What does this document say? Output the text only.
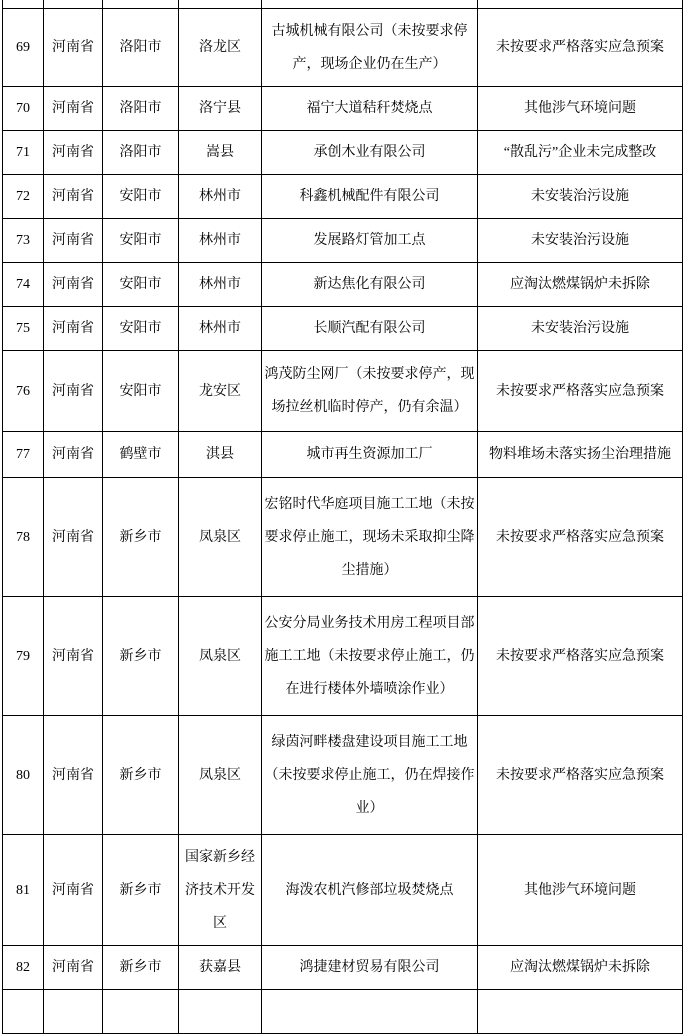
69	河南省	洛阳市	洛龙区	古城机械有限公司（未按要求停产，现场企业仍在生产）	未按要求严格落实应急预案
70	河南省	洛阳市	洛宁县	福宁大道秸秆焚烧点	其他涉气环境问题
71	河南省	洛阳市	嵩县	承创木业有限公司	“散乱污”企业未完成整改
72	河南省	安阳市	林州市	科鑫机械配件有限公司	未安装治污设施
73	河南省	安阳市	林州市	发展路灯管加工点	未安装治污设施
74	河南省	安阳市	林州市	新达焦化有限公司	应淘汰燃煤锅炉未拆除
75	河南省	安阳市	林州市	长顺汽配有限公司	未安装治污设施
76	河南省	安阳市	龙安区	鸿茂防尘网厂（未按要求停产，现场拉丝机临时停产，仍有余温）	未按要求严格落实应急预案
77	河南省	鹤壁市	淇县	城市再生资源加工厂	物料堆场未落实扬尘治理措施
78	河南省	新乡市	凤泉区	宏铭时代华庭项目施工工地（未按要求停止施工，现场未采取抑尘降尘措施）	未按要求严格落实应急预案
79	河南省	新乡市	凤泉区	公安分局业务技术用房工程项目部施工工地（未按要求停止施工，仍在进行楼体外墙喷涂作业）	未按要求严格落实应急预案
80	河南省	新乡市	凤泉区	绿茵河畔楼盘建设项目施工工地（未按要求停止施工，仍在焊接作业）	未按要求严格落实应急预案
81	河南省	新乡市	国家新乡经济技术开发区	海泼农机汽修部垃圾焚烧点	其他涉气环境问题
82	河南省	新乡市	获嘉县	鸿捷建材贸易有限公司	应淘汰燃煤锅炉未拆除
